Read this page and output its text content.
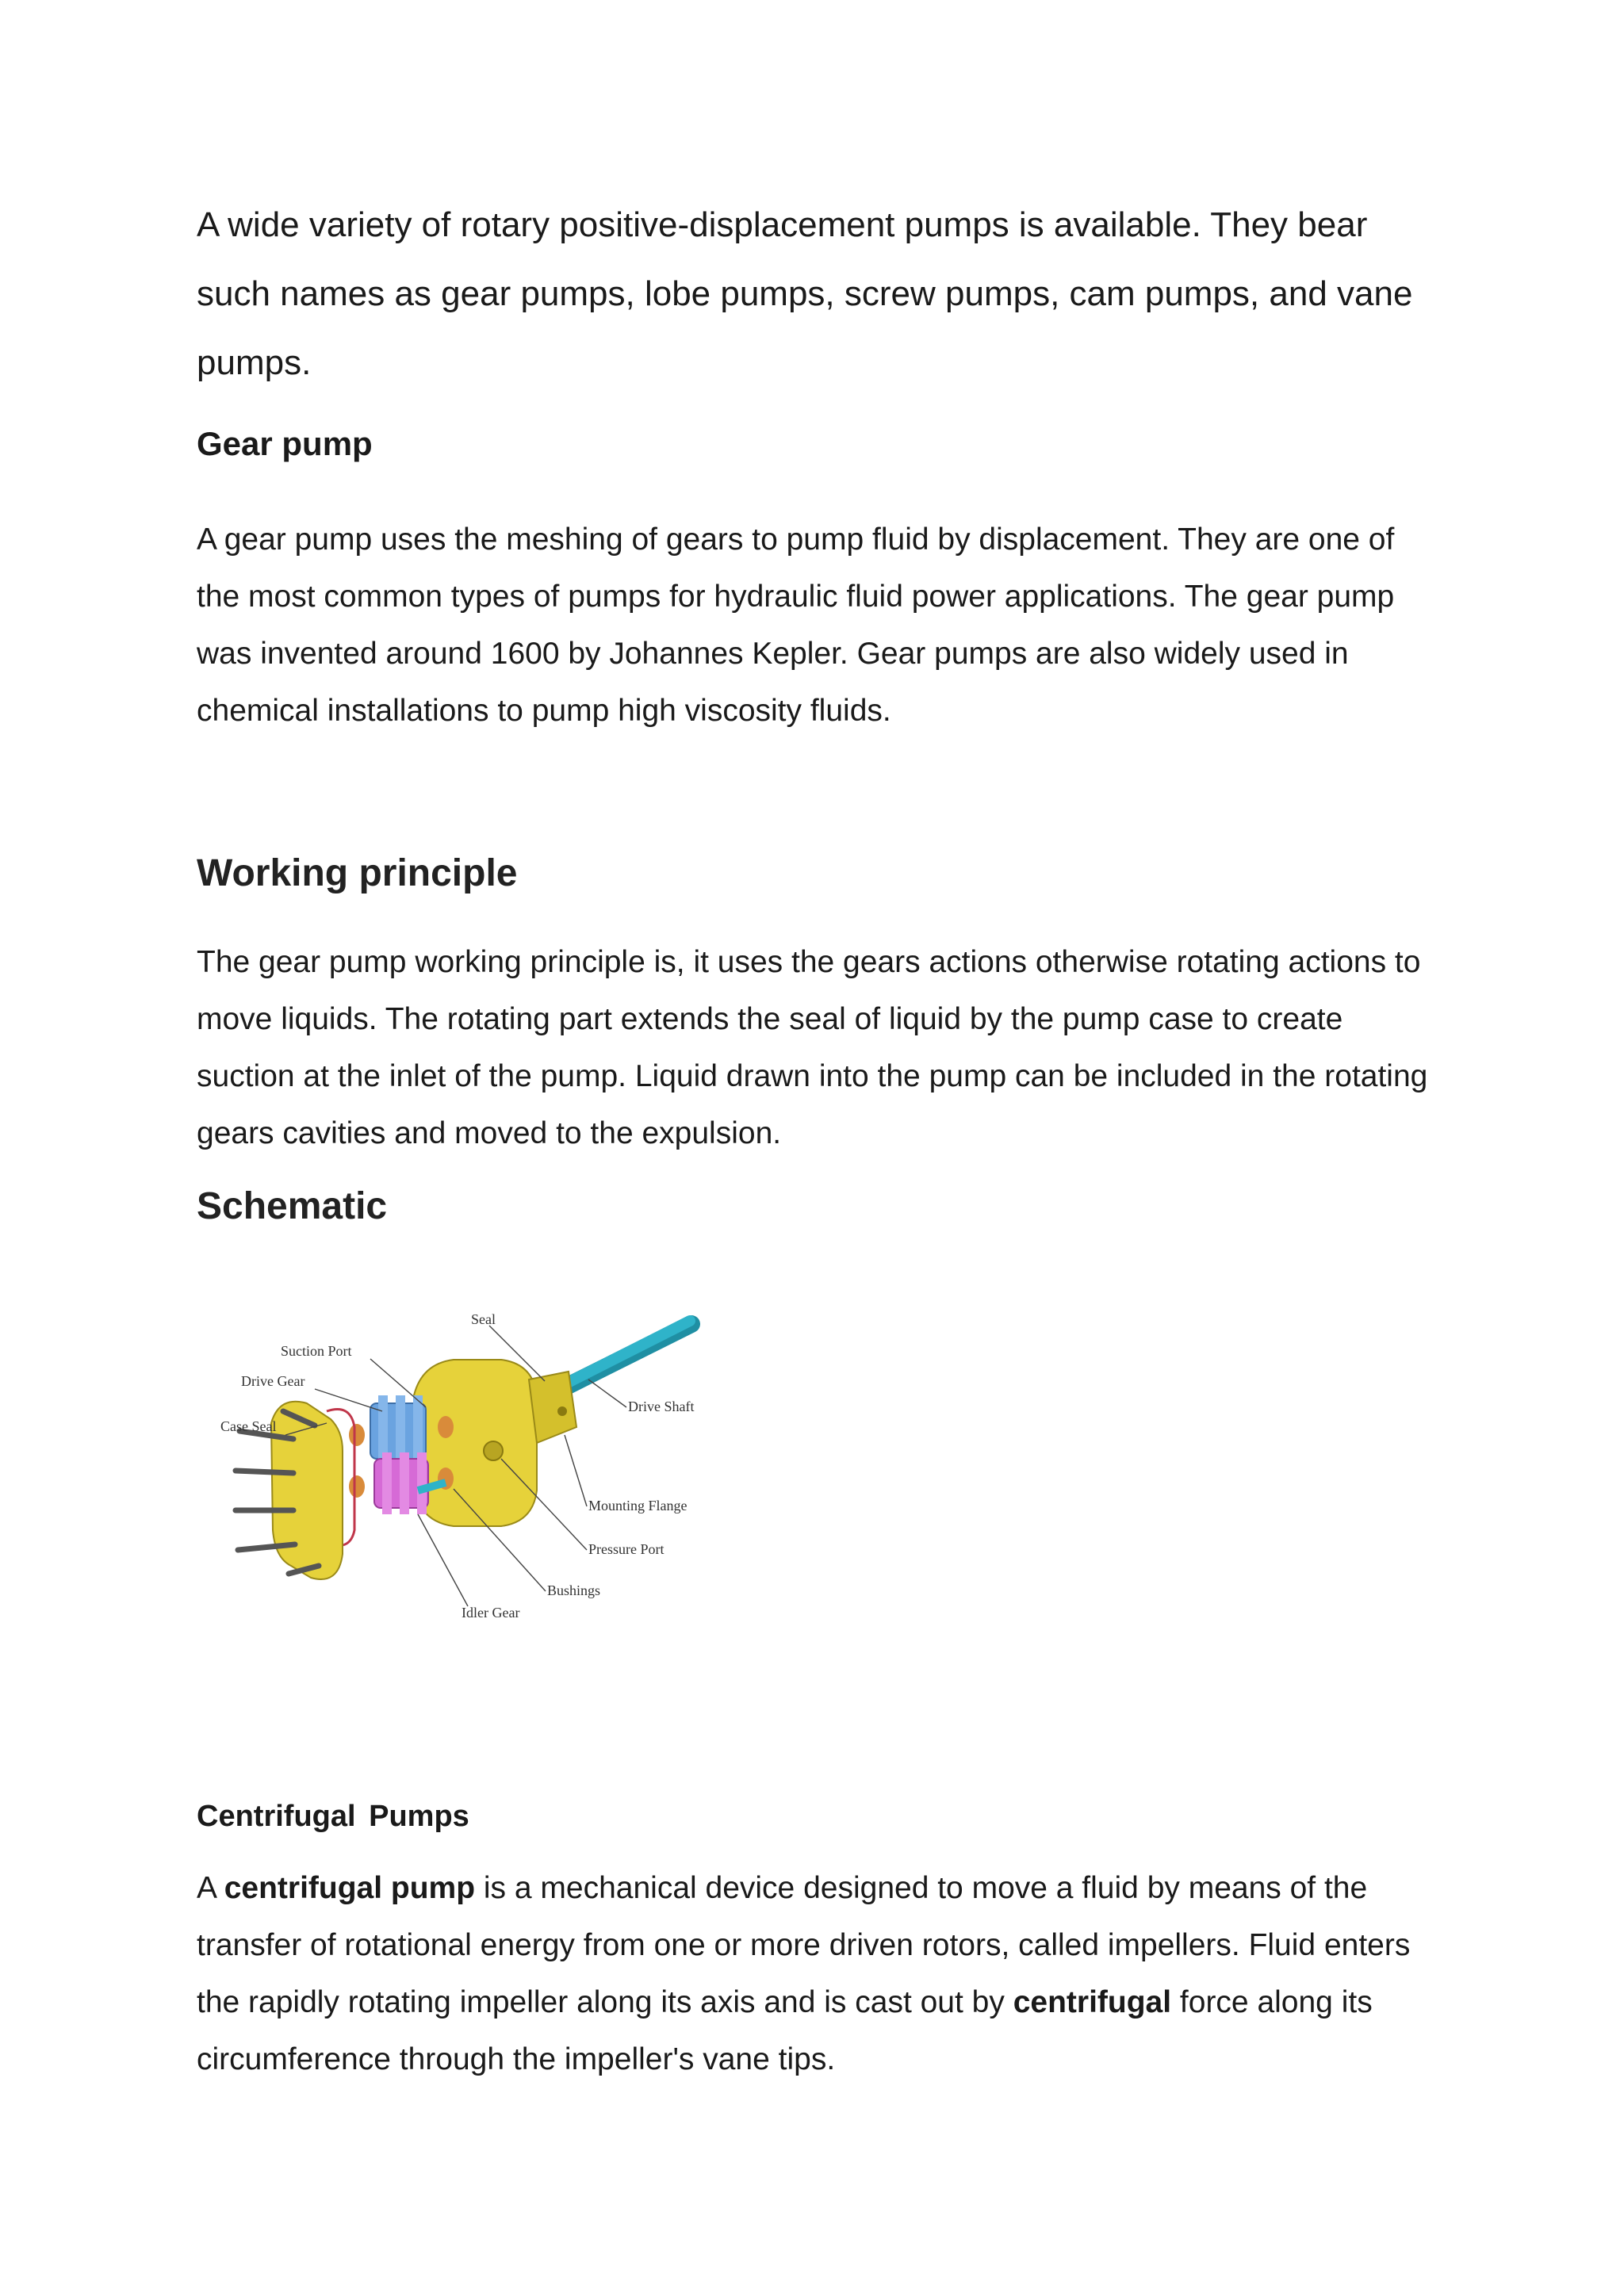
A wide variety of rotary positive-displacement pumps is available. They bear such names as gear pumps, lobe pumps, screw pumps, cam pumps, and vane pumps.

Gear pump

A gear pump uses the meshing of gears to pump fluid by displacement. They are one of the most common types of pumps for hydraulic fluid power applications. The gear pump was invented around 1600 by Johannes Kepler. Gear pumps are also widely used in chemical installations to pump high viscosity fluids.

Working principle

The gear pump working principle is, it uses the gears actions otherwise rotating actions to move liquids. The rotating part extends the seal of liquid by the pump case to create suction at the inlet of the pump. Liquid drawn into the pump can be included in the rotating gears cavities and moved to the expulsion.

Schematic
Seal
Suction Port
Drive Gear
Case Seal
Drive Shaft
Mounting Flange
Pressure Port
Bushings
Idler Gear
Centrifugal Pumps

A centrifugal pump is a mechanical device designed to move a fluid by means of the transfer of rotational energy from one or more driven rotors, called impellers. Fluid enters the rapidly rotating impeller along its axis and is cast out by centrifugal force along its circumference through the impeller's vane tips.
